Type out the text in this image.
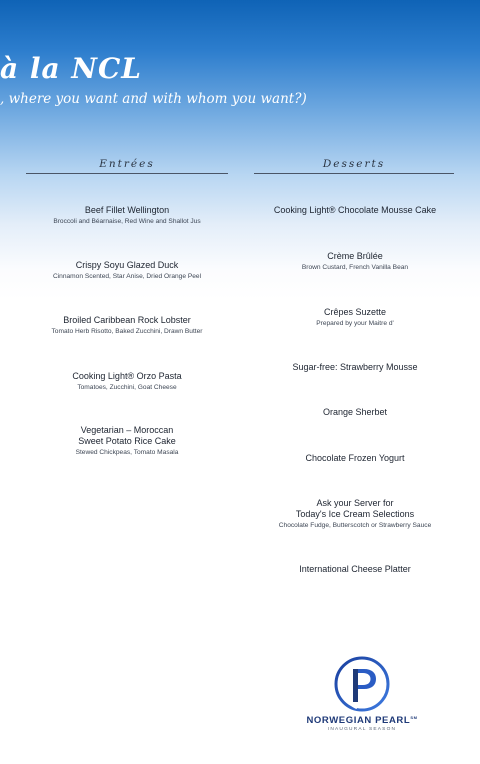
à la NCL
, where you want and with whom you want?)
Entrées	Desserts
Beef Fillet Wellington
Broccoli and Béarnaise, Red Wine and Shallot Jus
Crispy Soyu Glazed Duck
Cinnamon Scented, Star Anise, Dried Orange Peel
Broiled Caribbean Rock Lobster
Tomato Herb Risotto, Baked Zucchini, Drawn Butter
Cooking Light® Orzo Pasta
Tomatoes, Zucchini, Goat Cheese
Vegetarian – Moroccan
Sweet Potato Rice Cake
Stewed Chickpeas, Tomato Masala
Cooking Light® Chocolate Mousse Cake
Crème Brûlée
Brown Custard, French Vanilla Bean
Crêpes Suzette
Prepared by your Maitre d'
Sugar-free: Strawberry Mousse
Orange Sherbet
Chocolate Frozen Yogurt
Ask your Server for
Today's Ice Cream Selections
Chocolate Fudge, Butterscotch or Strawberry Sauce
International Cheese Platter
NORWEGIAN PEARL℠
INAUGURAL SEASON
